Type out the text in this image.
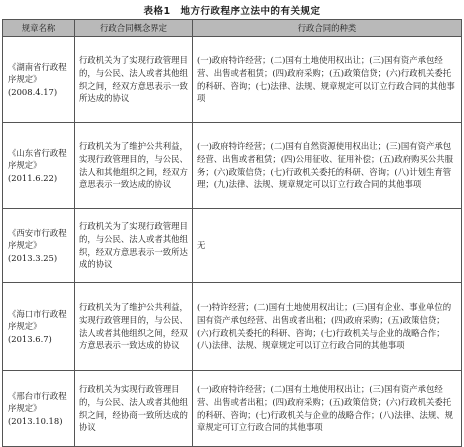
表格1　地方行政程序立法中的有关规定
规章名称	行政合同概念界定	行政合同的种类
《湖南省行政程序规定》(2008.4.17)	行政机关为了实现行政管理目的，与公民、法人或者其他组织之间，经双方意思表示一致所达成的协议	(一)政府特许经营；(二)国有土地使用权出让；(三)国有资产承包经营、出售或者租赁；(四)政府采购；(五)政策信贷；(六)行政机关委托的科研、咨询；(七)法律、法规、规章规定可以订立行政合同的其他事项
《山东省行政程序规定》(2011.6.22)	行政机关为了维护公共利益，实现行政管理目的，与公民、法人和其他组织之间，经双方意思表示一致达成的协议	(一)政府特许经营；(二)国有自然资源使用权出让；(三)国有资产承包经营、出售或者租赁；(四)公用征收、征用补偿；(五)政府购买公共服务；(六)政策信贷；(七)行政机关委托的科研、咨询；(八)计划生育管理；(九)法律、法规、规章规定可以订立行政合同的其他事项
《西安市行政程序规定》(2013.3.25)	行政机关为了实现行政管理目的，与公民、法人或者其他组织，经双方意思表示一致所达成的协议	无
《海口市行政程序规定》(2013.6.7)	行政机关为了维护公共利益，实现行政管理目的，与公民、法人或者其他组织之间，经双方意思表示一致达成的协议	(一)特许经营；(二)国有土地使用权出让；(三)国有企业、事业单位的国有资产承包经营、出售或者出租；(四)政府采购；(五)政策信贷；(六)行政机关委托的科研、咨询；(七)行政机关与企业的战略合作；(八)法律、法规、规章规定可以订立行政合同的其他事项
《邢台市行政程序规定》(2013.10.18)	行政机关为实现行政管理目的，与公民、法人或者其他组织之间，经协商一致所达成的协议	(一)政府特许经营；(二)国有土地使用权出让；(三)国有资产承包经营、出售或者出租；(四)政府采购；(五)政策信贷；(六)行政机关委托的科研、咨询；(七)行政机关与企业的战略合作；(八)法律、法规、规章规定可订立行政合同的其他事项
